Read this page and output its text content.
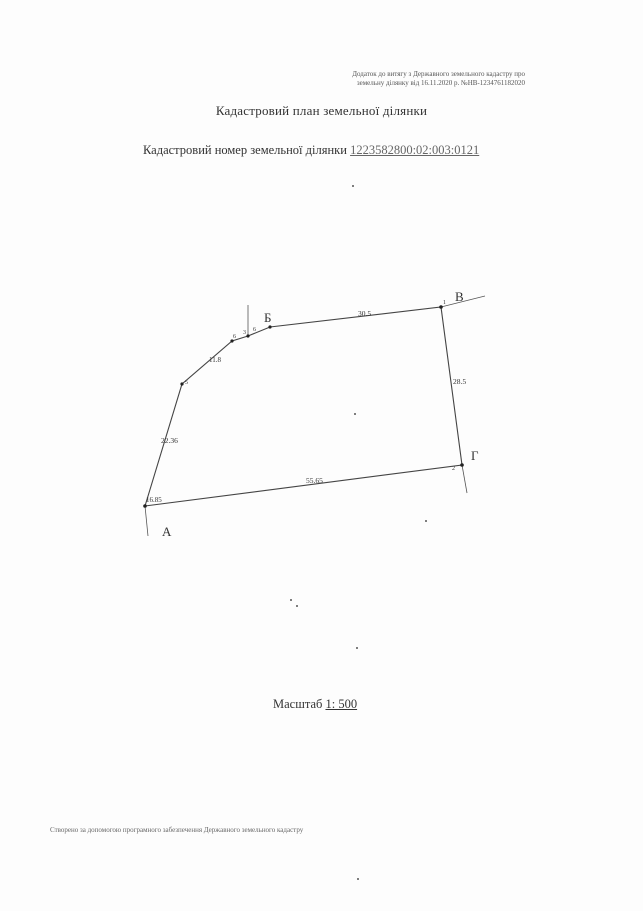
Додаток до витягу з Державного земельного кадастру про
земельну ділянку від 16.11.2020 р. №НВ-1234761182020
Кадастровий план земельної ділянки
Кадастровий номер земельної ділянки 1223582800:02:003:0121
30.5
28.5
55.65
22.36
11.8
6
3 6
16.85
1
2
5
А
Б
В
Г
Масштаб 1: 500
Створено за допомогою програмного забезпечення Державного земельного кадастру
